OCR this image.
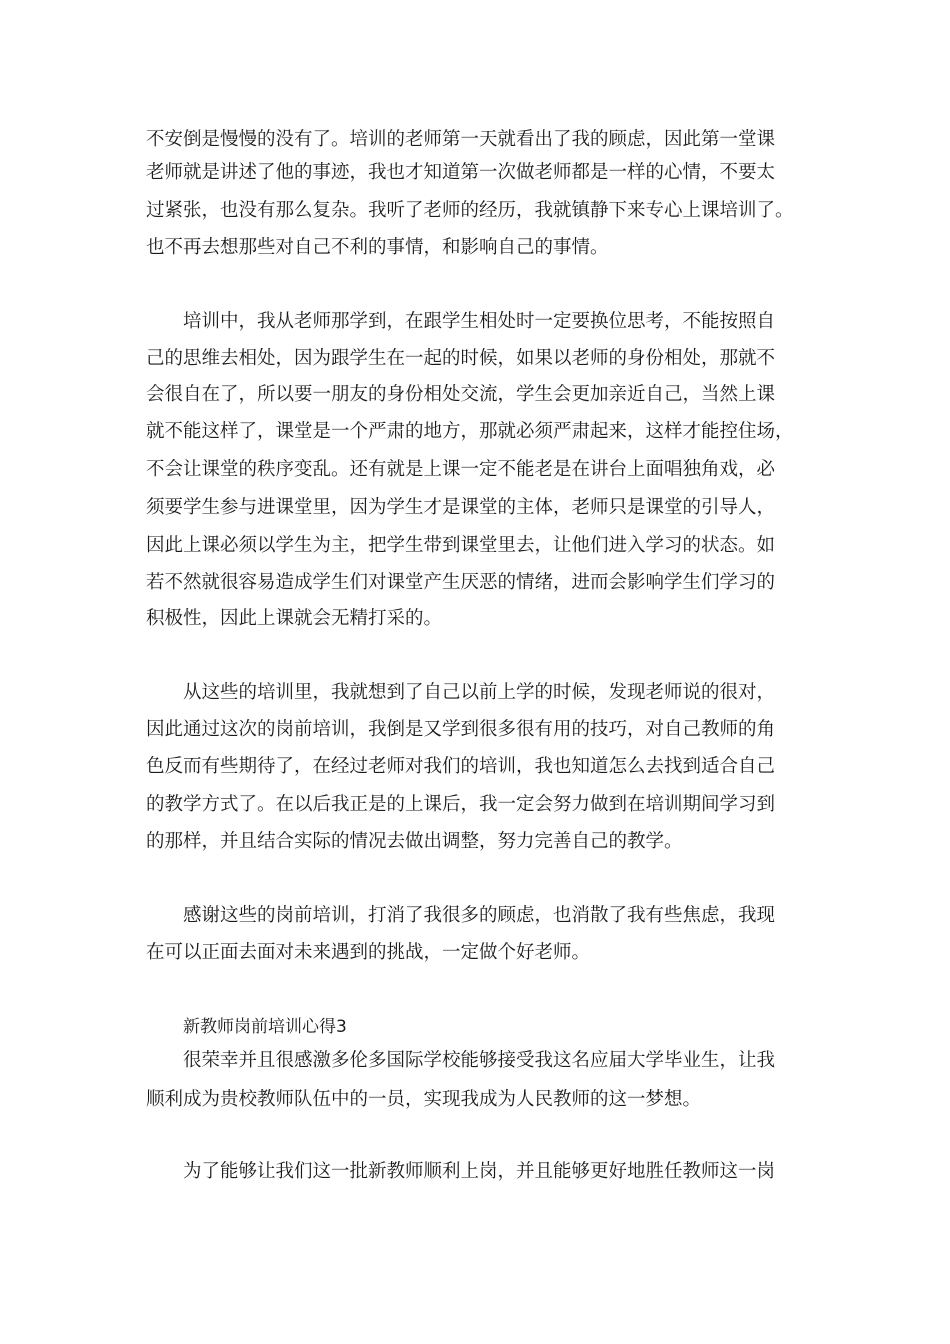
不安倒是慢慢的没有了。培训的老师第一天就看出了我的顾虑，因此第一堂课
老师就是讲述了他的事迹，我也才知道第一次做老师都是一样的心情，不要太
过紧张，也没有那么复杂。我听了老师的经历，我就镇静下来专心上课培训了。
也不再去想那些对自己不利的事情，和影响自己的事情。
培训中，我从老师那学到，在跟学生相处时一定要换位思考，不能按照自
己的思维去相处，因为跟学生在一起的时候，如果以老师的身份相处，那就不
会很自在了，所以要一朋友的身份相处交流，学生会更加亲近自己，当然上课
就不能这样了，课堂是一个严肃的地方，那就必须严肃起来，这样才能控住场，
不会让课堂的秩序变乱。还有就是上课一定不能老是在讲台上面唱独角戏，必
须要学生参与进课堂里，因为学生才是课堂的主体，老师只是课堂的引导人，
因此上课必须以学生为主，把学生带到课堂里去，让他们进入学习的状态。如
若不然就很容易造成学生们对课堂产生厌恶的情绪，进而会影响学生们学习的
积极性，因此上课就会无精打采的。
从这些的培训里，我就想到了自己以前上学的时候，发现老师说的很对，
因此通过这次的岗前培训，我倒是又学到很多很有用的技巧，对自己教师的角
色反而有些期待了，在经过老师对我们的培训，我也知道怎么去找到适合自己
的教学方式了。在以后我正是的上课后，我一定会努力做到在培训期间学习到
的那样，并且结合实际的情况去做出调整，努力完善自己的教学。
感谢这些的岗前培训，打消了我很多的顾虑，也消散了我有些焦虑，我现
在可以正面去面对未来遇到的挑战，一定做个好老师。
新教师岗前培训心得3
很荣幸并且很感激多伦多国际学校能够接受我这名应届大学毕业生，让我
顺利成为贵校教师队伍中的一员，实现我成为人民教师的这一梦想。
为了能够让我们这一批新教师顺利上岗，并且能够更好地胜任教师这一岗
